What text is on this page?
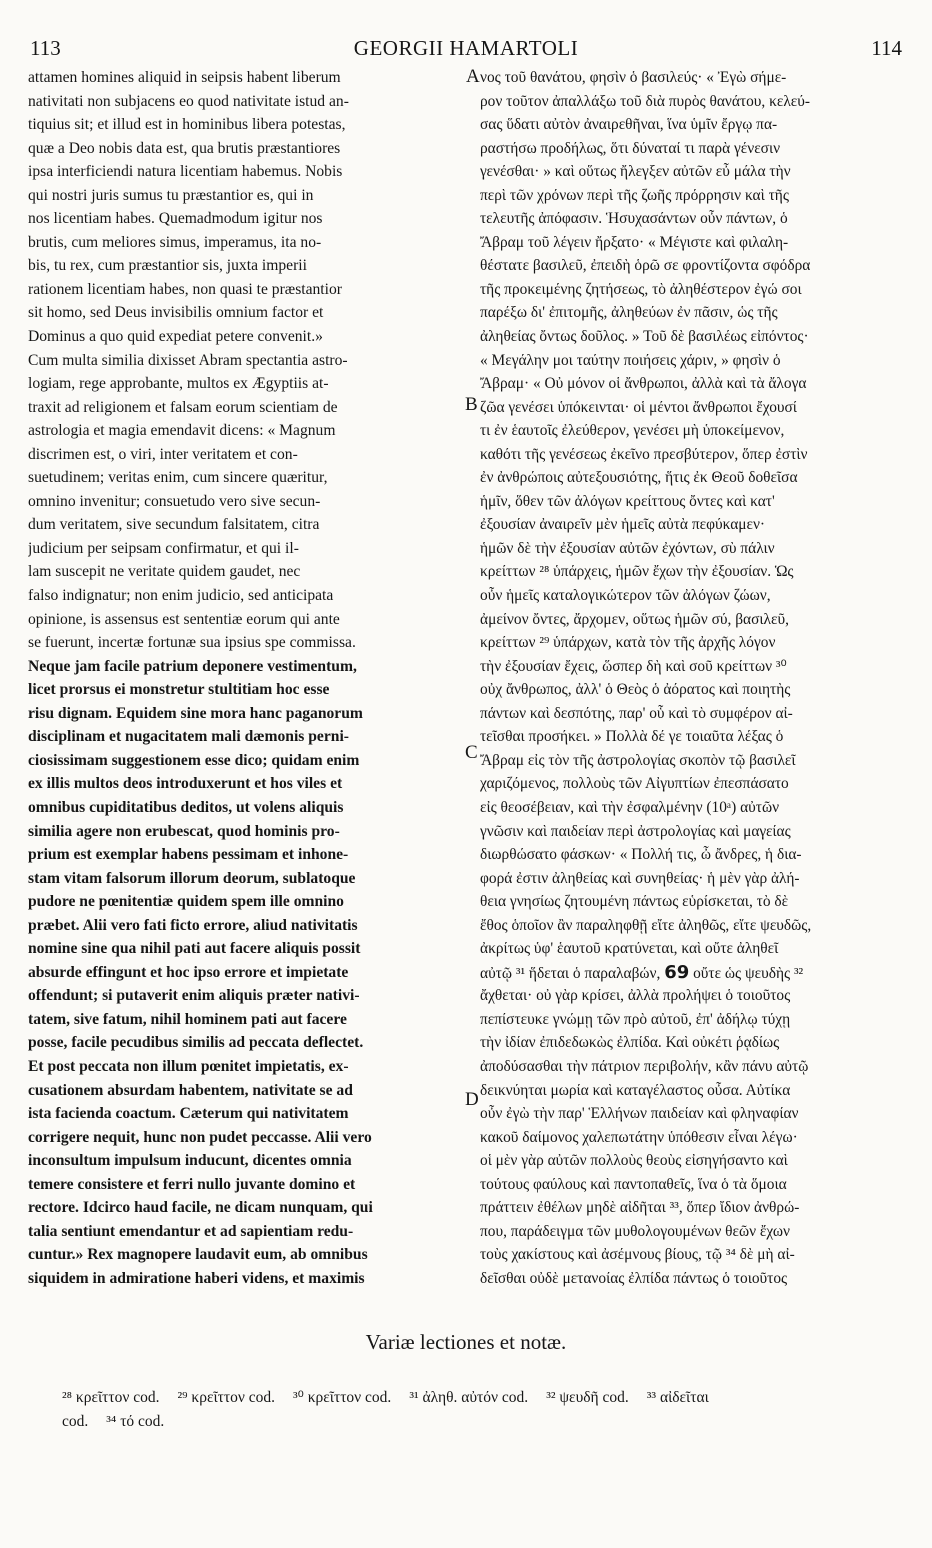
113	GEORGII HAMARTOLI	114
attamen homines aliquid in seipsis habent liberum
nativitati non subjacens eo quod nativitate istud an-
tiquius sit; et illud est in hominibus libera potestas,
quæ a Deo nobis data est, qua brutis præstantiores
ipsa interficiendi natura licentiam habemus. Nobis
qui nostri juris sumus tu præstantior es, qui in
nos licentiam habes. Quemadmodum igitur nos
brutis, cum meliores simus, imperamus, ita no-
bis, tu rex, cum præstantior sis, juxta imperii
rationem licentiam habes, non quasi te præstantior
sit homo, sed Deus invisibilis omnium factor et
Dominus a quo quid expediat petere convenit.»
Cum multa similia dixisset Abram spectantia astro-
logiam, rege approbante, multos ex Ægyptiis at-
traxit ad religionem et falsam eorum scientiam de
astrologia et magia emendavit dicens: « Magnum
discrimen est, o viri, inter veritatem et con-
suetudinem; veritas enim, cum sincere quæritur,
omnino invenitur; consuetudo vero sive secun-
dum veritatem, sive secundum falsitatem, citra
judicium per seipsam confirmatur, et qui il-
lam suscepit ne veritate quidem gaudet, nec
falso indignatur; non enim judicio, sed anticipata
opinione, is assensus est sententiæ eorum qui ante
se fuerunt, incertæ fortunæ sua ipsius spe commissa.
Neque jam facile patrium deponere vestimentum,
licet prorsus ei monstretur stultitiam hoc esse
risu dignam. Equidem sine mora hanc paganorum
disciplinam et nugacitatem mali dæmonis perni-
ciosissimam suggestionem esse dico; quidam enim
ex illis multos deos introduxerunt et hos viles et
omnibus cupiditatibus deditos, ut volens aliquis
similia agere non erubescat, quod hominis pro-
prium est exemplar habens pessimam et inhone-
stam vitam falsorum illorum deorum, sublatoque
pudore ne pœnitentiæ quidem spem ille omnino
præbet. Alii vero fati ficto errore, aliud nativitatis
nomine sine qua nihil pati aut facere aliquis possit
absurde effingunt et hoc ipso errore et impietate
offendunt; si putaverit enim aliquis præter nativi-
tatem, sive fatum, nihil hominem pati aut facere
posse, facile pecudibus similis ad peccata deflectet.
Et post peccata non illum pœnitet impietatis, ex-
cusationem absurdam habentem, nativitate se ad
ista facienda coactum. Cæterum qui nativitatem
corrigere nequit, hunc non pudet peccasse. Alii vero
inconsultum impulsum inducunt, dicentes omnia
temere consistere et ferri nullo juvante domino et
rectore. Idcirco haud facile, ne dicam nunquam, qui
talia sentiunt emendantur et ad sapientiam redu-
cuntur.» Rex magnopere laudavit eum, ab omnibus
siquidem in admiratione haberi videns, et maximis
νος τοῦ θανάτου, φησὶν ὁ βασιλεύς· « Ἐγὼ σήμε-
ρον τοῦτον ἀπαλλάξω τοῦ διὰ πυρὸς θανάτου, κελεύ-
σας ὕδατι αὐτὸν ἀναιρεθῆναι, ἵνα ὑμῖν ἔργῳ πα-
ραστήσω προδήλως, ὅτι δύναταί τι παρὰ γένεσιν
γενέσθαι· » καὶ οὕτως ἤλεγξεν αὐτῶν εὖ μάλα τὴν
περὶ τῶν χρόνων περὶ τῆς ζωῆς πρόρρησιν καὶ τῆς
τελευτῆς ἀπόφασιν. Ἡσυχασάντων οὖν πάντων, ὁ
Ἄβραμ τοῦ λέγειν ἤρξατο· « Μέγιστε καὶ φιλαλη-
θέστατε βασιλεῦ, ἐπειδὴ ὁρῶ σε φροντίζοντα σφόδρα
τῆς προκειμένης ζητήσεως, τὸ ἀληθέστερον ἐγώ σοι
παρέξω δι' ἐπιτομῆς, ἀληθεύων ἐν πᾶσιν, ὡς τῆς
ἀληθείας ὄντως δοῦλος. » Τοῦ δὲ βασιλέως εἰπόντος·
« Μεγάλην μοι ταύτην ποιήσεις χάριν, » φησὶν ὁ
Ἄβραμ· « Οὐ μόνον οἱ ἄνθρωποι, ἀλλὰ καὶ τὰ ἄλογα
ζῶα γενέσει ὑπόκεινται· οἱ μέντοι ἄνθρωποι ἔχουσί
τι ἐν ἑαυτοῖς ἐλεύθερον, γενέσει μὴ ὑποκείμενον,
καθότι τῆς γενέσεως ἐκεῖνο πρεσβύτερον, ὅπερ ἐστὶν
ἐν ἀνθρώποις αὐτεξουσιότης, ἥτις ἐκ Θεοῦ δοθεῖσα
ἡμῖν, ὅθεν τῶν ἀλόγων κρείττους ὄντες καὶ κατ'
ἐξουσίαν ἀναιρεῖν μὲν ἡμεῖς αὐτὰ πεφύκαμεν·
ἡμῶν δὲ τὴν ἐξουσίαν αὐτῶν ἐχόντων, σὺ πάλιν
κρείττων ²⁸ ὑπάρχεις, ἡμῶν ἔχων τὴν ἐξουσίαν. Ὡς
οὖν ἡμεῖς καταλογικώτερον τῶν ἀλόγων ζώων,
ἀμείνον ὄντες, ἄρχομεν, οὕτως ἡμῶν σύ, βασιλεῦ,
κρείττων ²⁹ ὑπάρχων, κατὰ τὸν τῆς ἀρχῆς λόγον
τὴν ἐξουσίαν ἔχεις, ὥσπερ δὴ καὶ σοῦ κρείττων ³⁰
οὐχ ἄνθρωπος, ἀλλ' ὁ Θεὸς ὁ ἀόρατος καὶ ποιητὴς
πάντων καὶ δεσπότης, παρ' οὗ καὶ τὸ συμφέρον αἰ-
τεῖσθαι προσήκει. » Πολλὰ δέ γε τοιαῦτα λέξας ὁ
Ἄβραμ εἰς τὸν τῆς ἀστρολογίας σκοπὸν τῷ βασιλεῖ
χαριζόμενος, πολλοὺς τῶν Αἰγυπτίων ἐπεσπάσατο
εἰς θεοσέβειαν, καὶ τὴν ἐσφαλμένην (10ᵃ) αὐτῶν
γνῶσιν καὶ παιδείαν περὶ ἀστρολογίας καὶ μαγείας
διωρθώσατο φάσκων· « Πολλή τις, ὦ ἄνδρες, ἡ δια-
φορά ἐστιν ἀληθείας καὶ συνηθείας· ἡ μὲν γὰρ ἀλή-
θεια γνησίως ζητουμένη πάντως εὑρίσκεται, τὸ δὲ
ἔθος ὁποῖον ἂν παραληφθῇ εἴτε ἀληθῶς, εἴτε ψευδῶς,
ἀκρίτως ὑφ' ἑαυτοῦ κρατύνεται, καὶ οὔτε ἀληθεῖ
αὐτῷ ³¹ ἥδεται ὁ παραλαβών, 69 οὔτε ὡς ψευδὴς ³²
ἄχθεται· οὐ γὰρ κρίσει, ἀλλὰ προλήψει ὁ τοιοῦτος
πεπίστευκε γνώμῃ τῶν πρὸ αὐτοῦ, ἐπ' ἀδήλῳ τύχῃ
τὴν ἰδίαν ἐπιδεδωκὼς ἐλπίδα. Καὶ οὐκέτι ῥᾳδίως
ἀποδύσασθαι τὴν πάτριον περιβολήν, κἂν πάνυ αὐτῷ
δεικνύηται μωρία καὶ καταγέλαστος οὖσα. Αὐτίκα
οὖν ἐγὼ τὴν παρ' Ἑλλήνων παιδείαν καὶ φληναφίαν
κακοῦ δαίμονος χαλεπωτάτην ὑπόθεσιν εἶναι λέγω·
οἱ μὲν γὰρ αὐτῶν πολλοὺς θεοὺς εἰσηγήσαντο καὶ
τούτους φαύλους καὶ παντοπαθεῖς, ἵνα ὁ τὰ ὅμοια
πράττειν ἐθέλων μηδὲ αἰδῆται ³³, ὅπερ ἴδιον ἀνθρώ-
που, παράδειγμα τῶν μυθολογουμένων θεῶν ἔχων
τοὺς χακίστους καὶ ἀσέμνους βίους, τῷ ³⁴ δὲ μὴ αἰ-
δεῖσθαι οὐδὲ μετανοίας ἐλπίδα πάντως ὁ τοιοῦτος
A
B
C
D
Variæ lectiones et notæ.
²⁸ κρεῖττον cod. ²⁹ κρεῖττον cod. ³⁰ κρεῖττον cod. ³¹ ἀληθ. αὐτόν cod. ³² ψευδῆ cod. ³³ αἰδεῖται
cod. ³⁴ τό cod.
